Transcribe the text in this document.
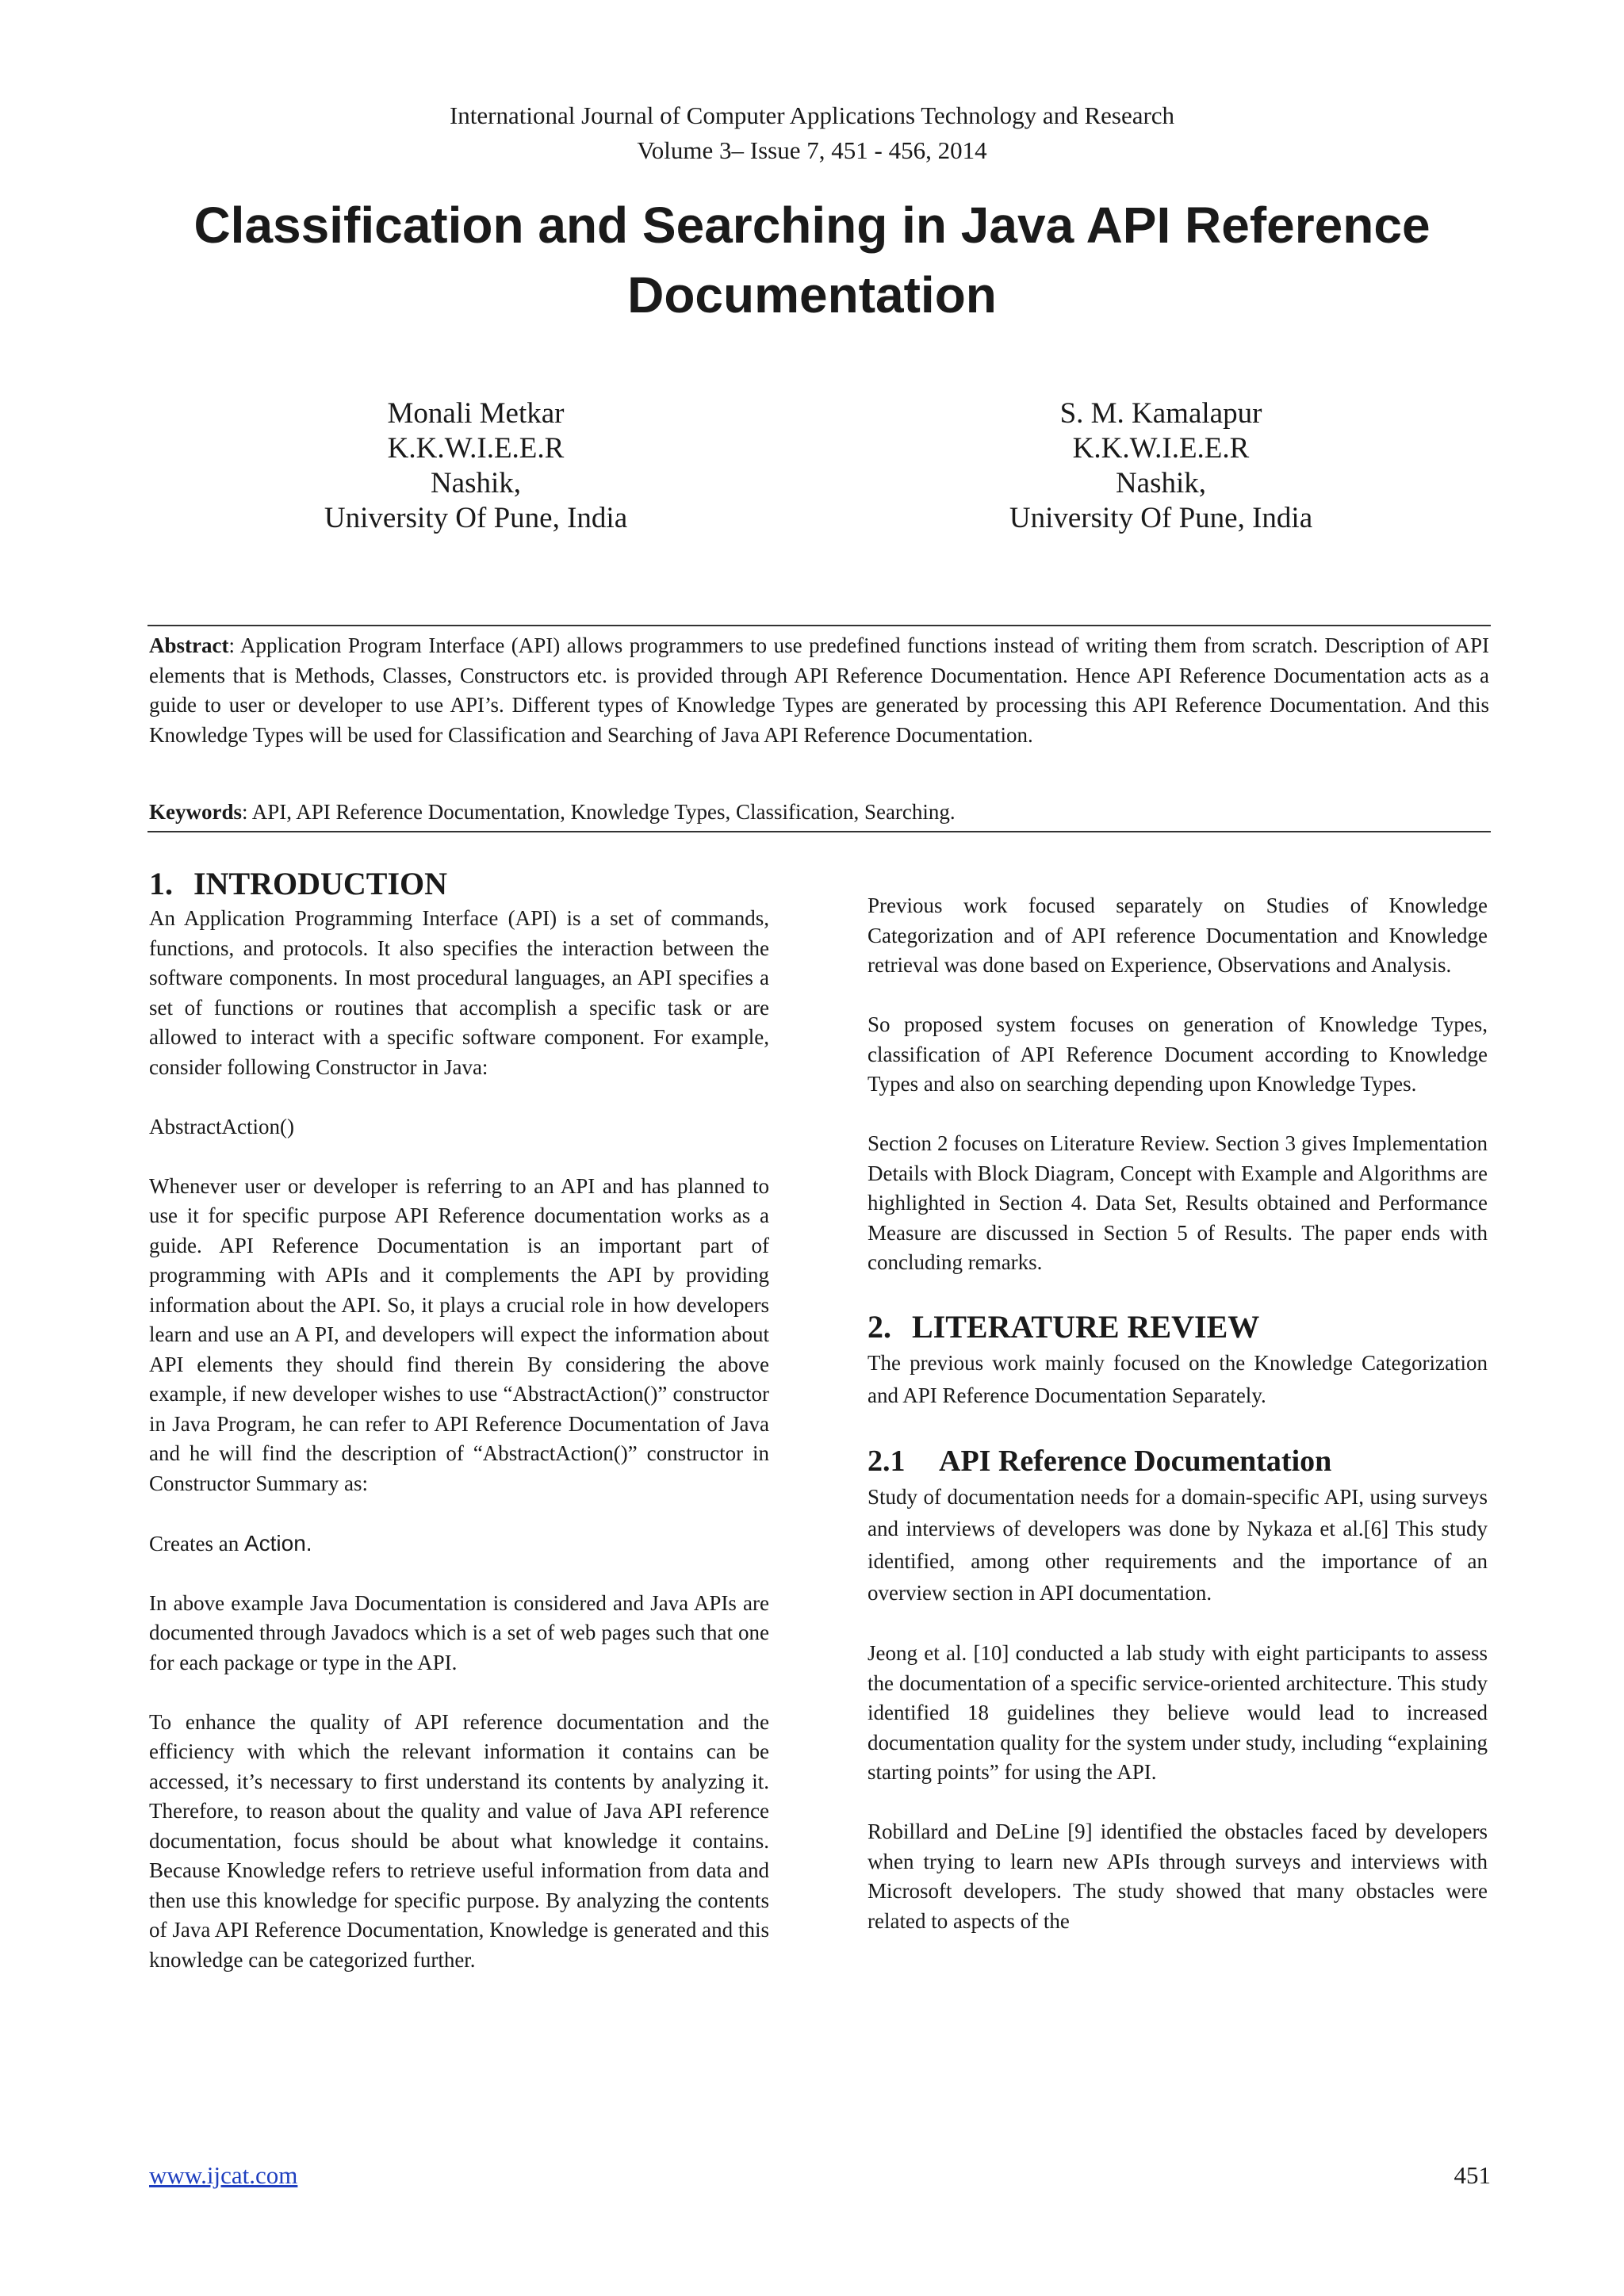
International Journal of Computer Applications Technology and Research
Volume 3– Issue 7, 451 - 456, 2014
Classification and Searching in Java API Reference Documentation
Monali Metkar
K.K.W.I.E.E.R
Nashik,
University Of Pune, India
S. M. Kamalapur
K.K.W.I.E.E.R
Nashik,
University Of Pune, India

Abstract: Application Program Interface (API) allows programmers to use predefined functions instead of writing them from scratch. Description of API elements that is Methods, Classes, Constructors etc. is provided through API Reference Documentation. Hence API Reference Documentation acts as a guide to user or developer to use API’s. Different types of Knowledge Types are generated by processing this API Reference Documentation. And this Knowledge Types will be used for Classification and Searching of Java API Reference Documentation.

Keywords: API, API Reference Documentation, Knowledge Types, Classification, Searching.

1. INTRODUCTION

An Application Programming Interface (API) is a set of commands, functions, and protocols. It also specifies the interaction between the software components. In most procedural languages, an API specifies a set of functions or routines that accomplish a specific task or are allowed to interact with a specific software component. For example, consider following Constructor in Java:

AbstractAction()

Whenever user or developer is referring to an API and has planned to use it for specific purpose API Reference documentation works as a guide. API Reference Documentation is an important part of programming with APIs and it complements the API by providing information about the API. So, it plays a crucial role in how developers learn and use an A PI, and developers will expect the information about API elements they should find therein By considering the above example, if new developer wishes to use “AbstractAction()” constructor in Java Program, he can refer to API Reference Documentation of Java and he will find the description of “AbstractAction()” constructor in Constructor Summary as:

Creates an Action.

In above example Java Documentation is considered and Java APIs are documented through Javadocs which is a set of web pages such that one for each package or type in the API.

To enhance the quality of API reference documentation and the efficiency with which the relevant information it contains can be accessed, it’s necessary to first understand its contents by analyzing it. Therefore, to reason about the quality and value of Java API reference documentation, focus should be about what knowledge it contains. Because Knowledge refers to retrieve useful information from data and then use this knowledge for specific purpose. By analyzing the contents of Java API Reference Documentation, Knowledge is generated and this knowledge can be categorized further.

Previous work focused separately on Studies of Knowledge Categorization and of API reference Documentation and Knowledge retrieval was done based on Experience, Observations and Analysis.

So proposed system focuses on generation of Knowledge Types, classification of API Reference Document according to Knowledge Types and also on searching depending upon Knowledge Types.

Section 2 focuses on Literature Review. Section 3 gives Implementation Details with Block Diagram, Concept with Example and Algorithms are highlighted in Section 4. Data Set, Results obtained and Performance Measure are discussed in Section 5 of Results. The paper ends with concluding remarks.

2. LITERATURE REVIEW

The previous work mainly focused on the Knowledge Categorization and API Reference Documentation Separately.

2.1 API Reference Documentation

Study of documentation needs for a domain-specific API, using surveys and interviews of developers was done by Nykaza et al.[6] This study identified, among other requirements and the importance of an overview section in API documentation.

Jeong et al. [10] conducted a lab study with eight participants to assess the documentation of a specific service-oriented architecture. This study identified 18 guidelines they believe would lead to increased documentation quality for the system under study, including “explaining starting points” for using the API.

Robillard and DeLine [9] identified the obstacles faced by developers when trying to learn new APIs through surveys and interviews with Microsoft developers. The study showed that many obstacles were related to aspects of the

www.ijcat.com	451
